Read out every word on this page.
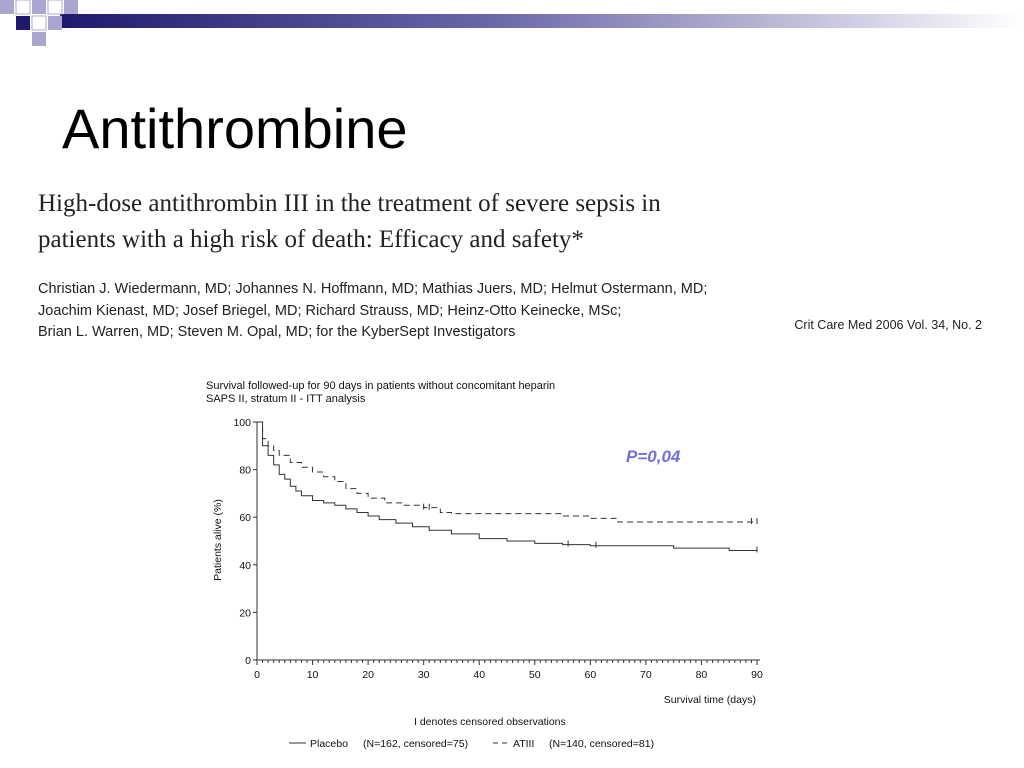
Antithrombine
High-dose antithrombin III in the treatment of severe sepsis in
patients with a high risk of death: Efficacy and safety*
Christian J. Wiedermann, MD; Johannes N. Hoffmann, MD; Mathias Juers, MD; Helmut Ostermann, MD;
Joachim Kienast, MD; Josef Briegel, MD; Richard Strauss, MD; Heinz-Otto Keinecke, MSc;
Brian L. Warren, MD; Steven M. Opal, MD; for the KyberSept Investigators	Crit Care Med 2006 Vol. 34, No. 2
Survival followed-up for 90 days in patients without concomitant heparin
SAPS II, stratum II - ITT analysis
Patients alive (%)
Survival time (days)
P=0,04
I denotes censored observations
Placebo (N=162, censored=75)	ATIII (N=140, censored=81)
0	10	20	30	40	50	60	70	80	90
0
20
40
60
80
100
